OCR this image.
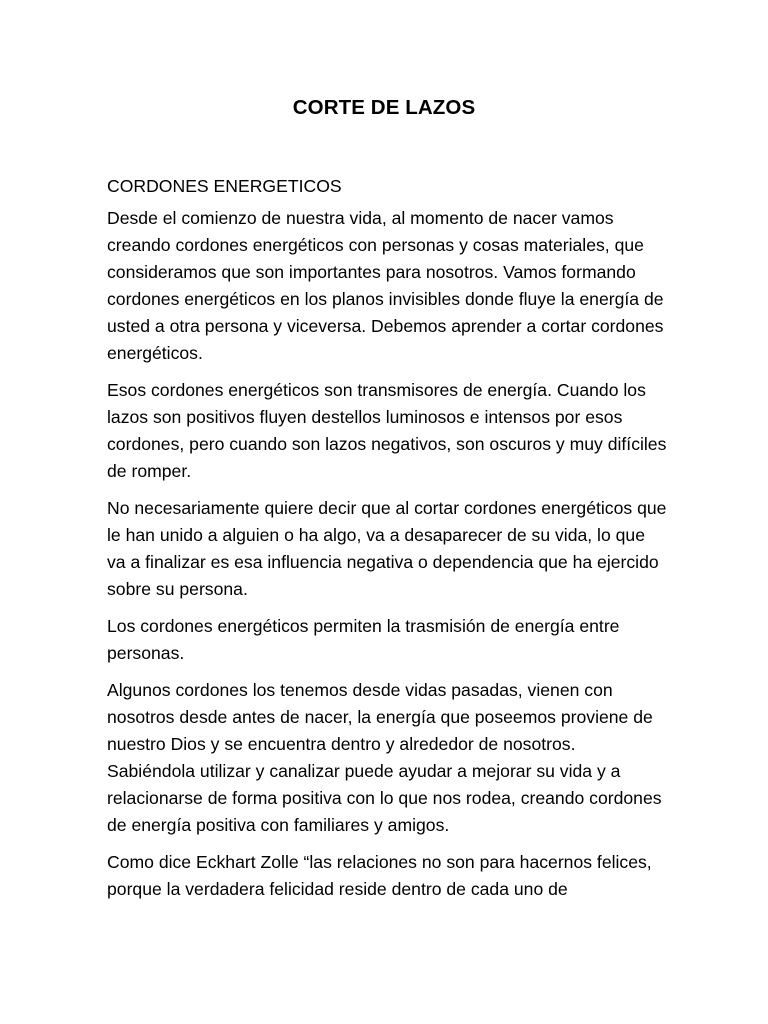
CORTE DE LAZOS

CORDONES ENERGETICOS

Desde el comienzo de nuestra vida, al momento de nacer vamos creando cordones energéticos con personas y cosas materiales, que consideramos que son importantes para nosotros. Vamos formando cordones energéticos en los planos invisibles donde fluye la energía de usted a otra persona y viceversa. Debemos aprender a cortar cordones energéticos.

Esos cordones energéticos son transmisores de energía. Cuando los lazos son positivos fluyen destellos luminosos e intensos por esos cordones, pero cuando son lazos negativos, son oscuros y muy difíciles de romper.

No necesariamente quiere decir que al cortar cordones energéticos que le han unido a alguien o ha algo, va a desaparecer de su vida, lo que va a finalizar es esa influencia negativa o dependencia que ha ejercido sobre su persona.

Los cordones energéticos permiten la trasmisión de energía entre personas.

Algunos cordones los tenemos desde vidas pasadas, vienen con nosotros desde antes de nacer, la energía que poseemos proviene de nuestro Dios y se encuentra dentro y alrededor de nosotros. Sabiéndola utilizar y canalizar puede ayudar a mejorar su vida y a relacionarse de forma positiva con lo que nos rodea, creando cordones de energía positiva con familiares y amigos.

Como dice Eckhart Zolle “las relaciones no son para hacernos felices, porque la verdadera felicidad reside dentro de cada uno de
